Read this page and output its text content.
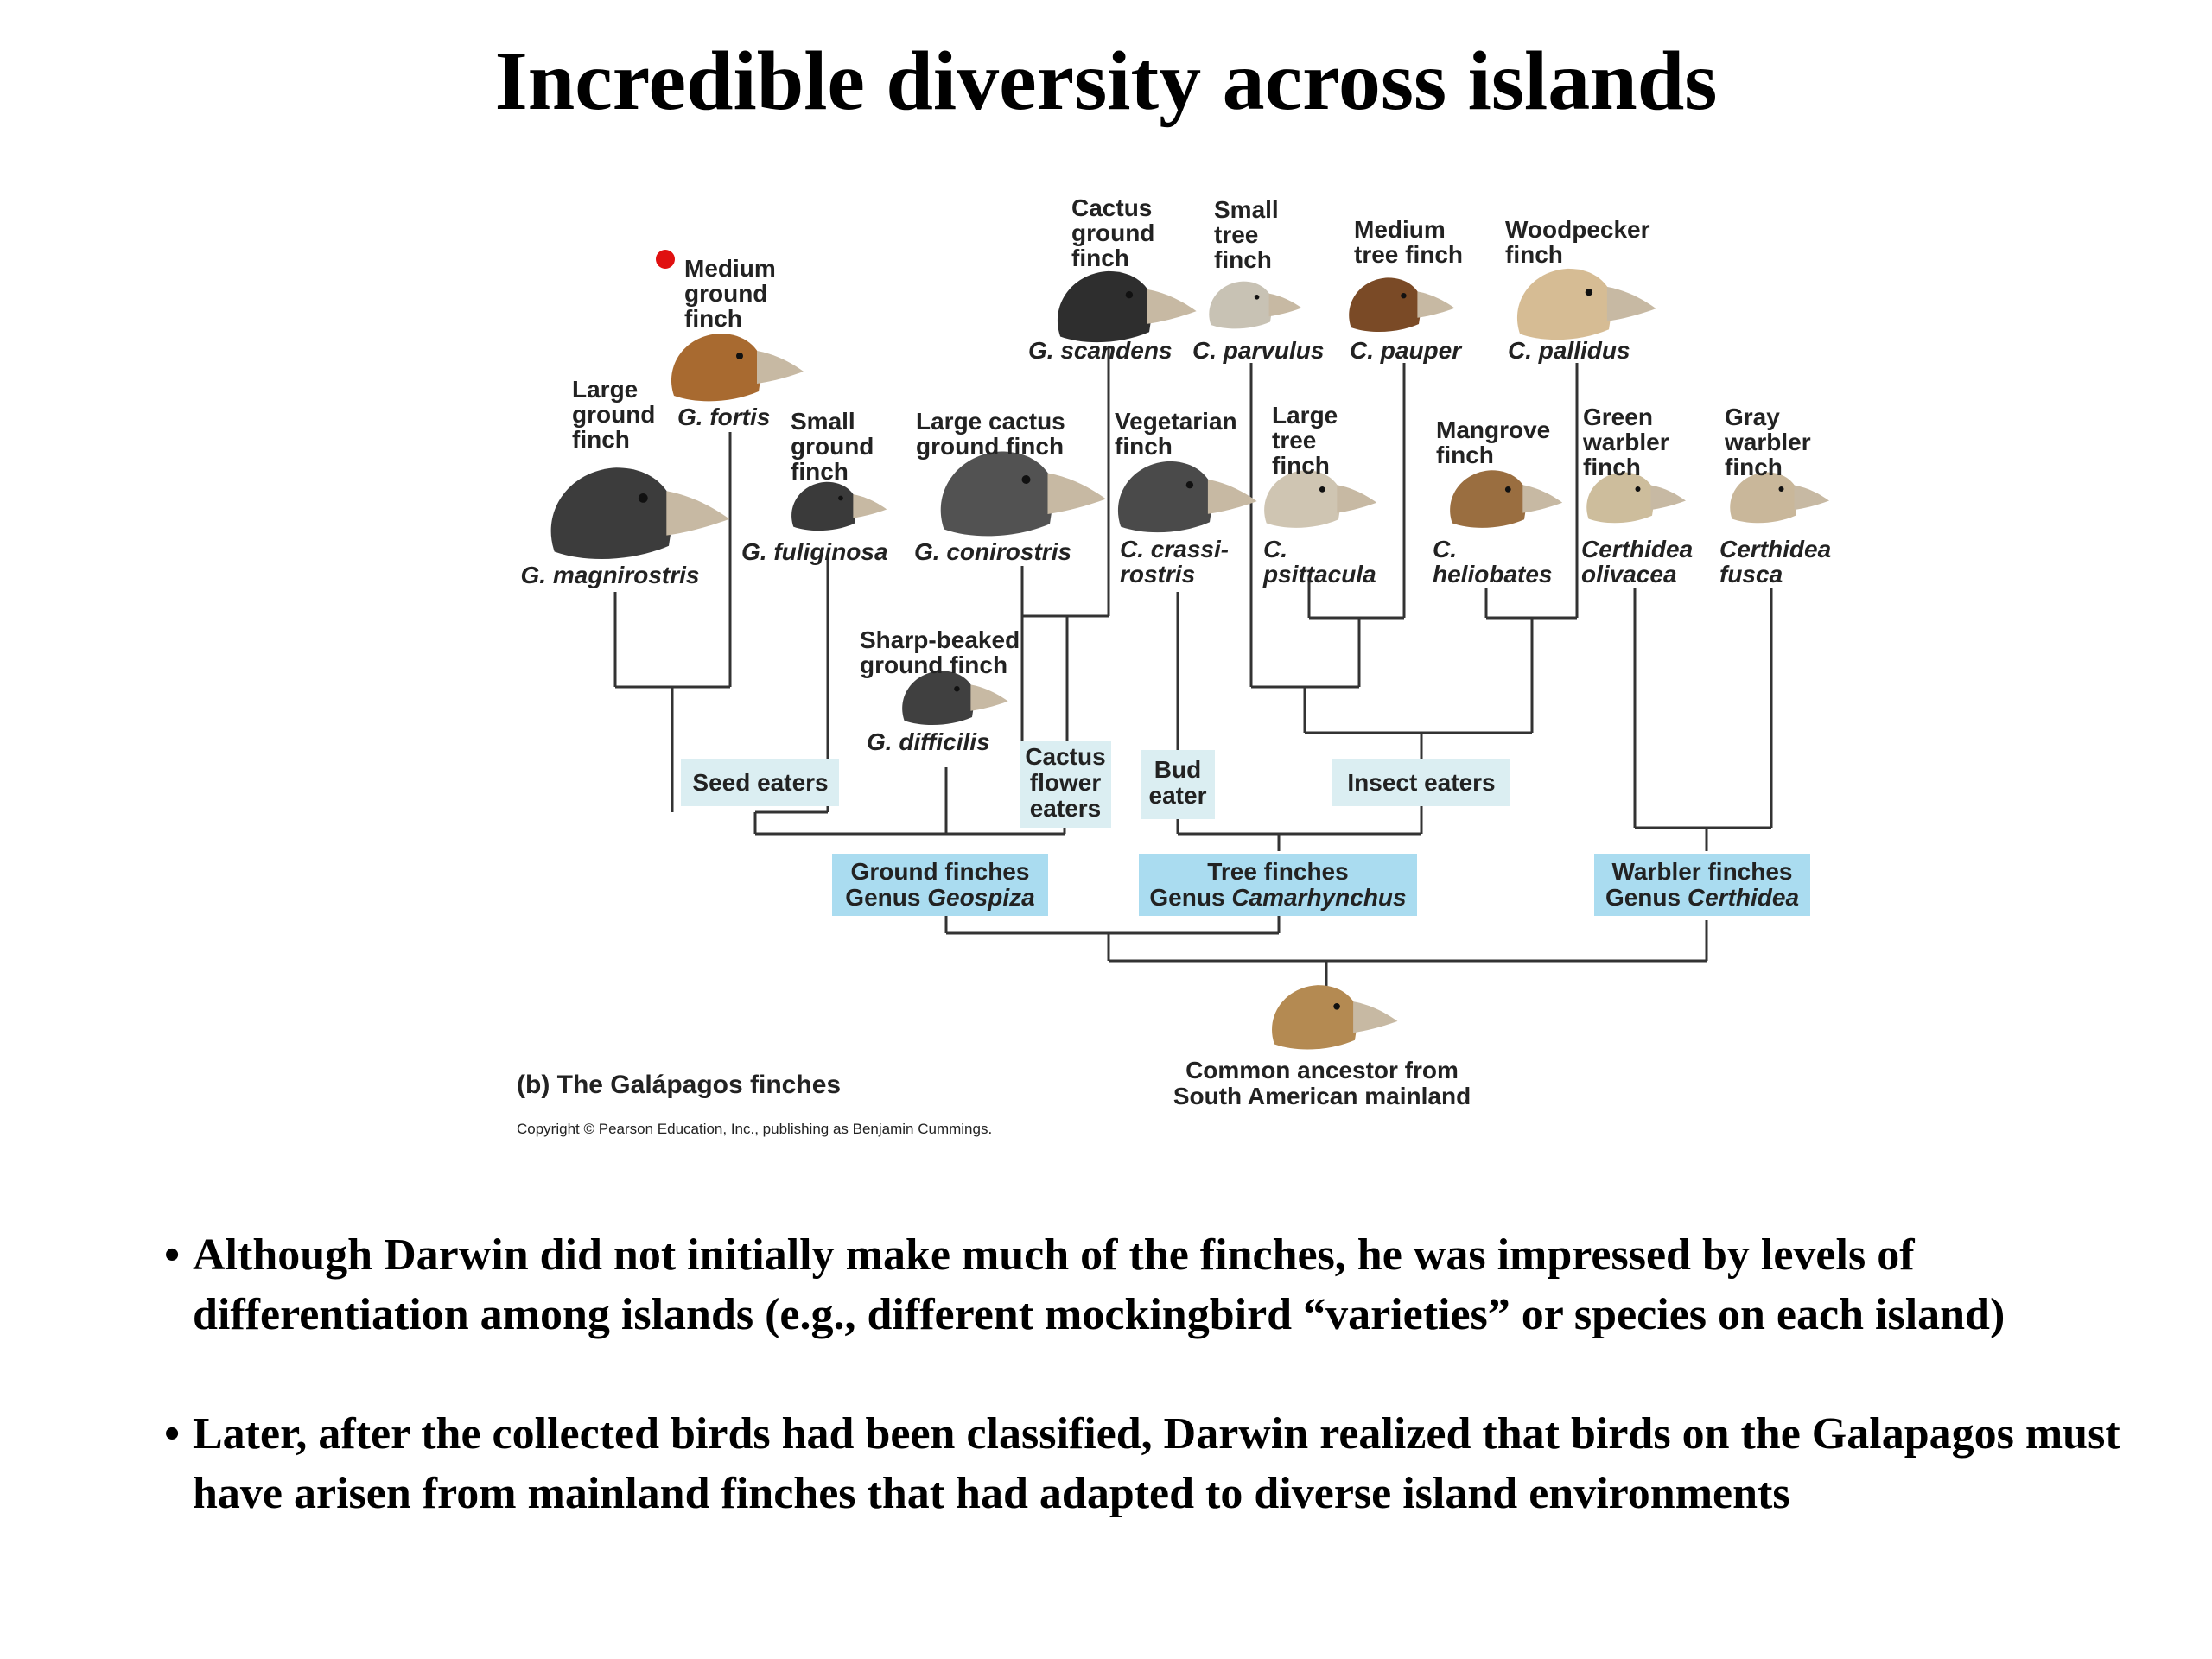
Incredible diversity across islands
Large
ground
finch
G. magnirostris
Medium
ground
finch
G. fortis Small
ground
finch
G. fuliginosa
Large cactus
ground finch
G. conirostris
Cactus
ground
finch
G. scandens
Sharp-beaked
ground finch
G. difficilis
Vegetarian
finch
C. crassi-
rostris
Small
tree
finch
C. parvulus
Large
tree
finch
C.
psittacula
Medium
tree finch
C. pauper
Mangrove
finch
C.
heliobates
Woodpecker
finch
C. pallidus
Green
warbler
finch
Certhidea
olivacea
Gray
warbler
finch
Certhidea
fusca
Seed eaters
Cactus
flower
eaters
Bud
eater	Insect eaters
Ground finches
Genus Geospiza
Tree finches
Genus Camarhynchus
Warbler finches
Genus Certhidea
Common ancestor from
South American mainland
(b) The Galápagos finches
Copyright © Pearson Education, Inc., publishing as Benjamin Cummings.
• Although Darwin did not initially make much of the finches, he was impressed by levels of differentiation among islands (e.g., different mockingbird “varieties” or species on each island)
• Later, after the collected birds had been classified, Darwin realized that birds on the Galapagos must have arisen from mainland finches that had adapted to diverse island environments
